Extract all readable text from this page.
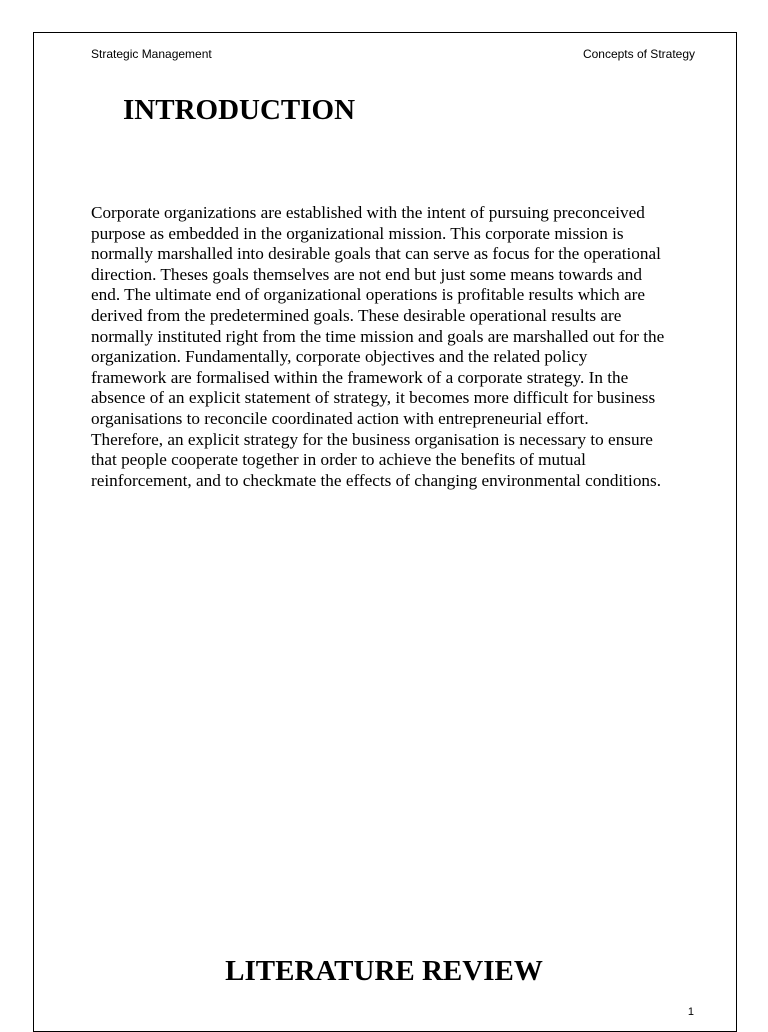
Strategic Management	Concepts of Strategy
INTRODUCTION
Corporate organizations are established with the intent of pursuing preconceived
purpose as embedded in the organizational mission. This corporate mission is
normally marshalled into desirable goals that can serve as focus for the operational
direction. Theses goals themselves are not end but just some means towards and
end. The ultimate end of organizational operations is profitable results which are
derived from the predetermined goals. These desirable operational results are
normally instituted right from the time mission and goals are marshalled out for the
organization. Fundamentally, corporate objectives and the related policy
framework are formalised within the framework of a corporate strategy. In the
absence of an explicit statement of strategy, it becomes more difficult for business
organisations to reconcile coordinated action with entrepreneurial effort.
Therefore, an explicit strategy for the business organisation is necessary to ensure
that people cooperate together in order to achieve the benefits of mutual
reinforcement, and to checkmate the effects of changing environmental conditions.
LITERATURE REVIEW
1
